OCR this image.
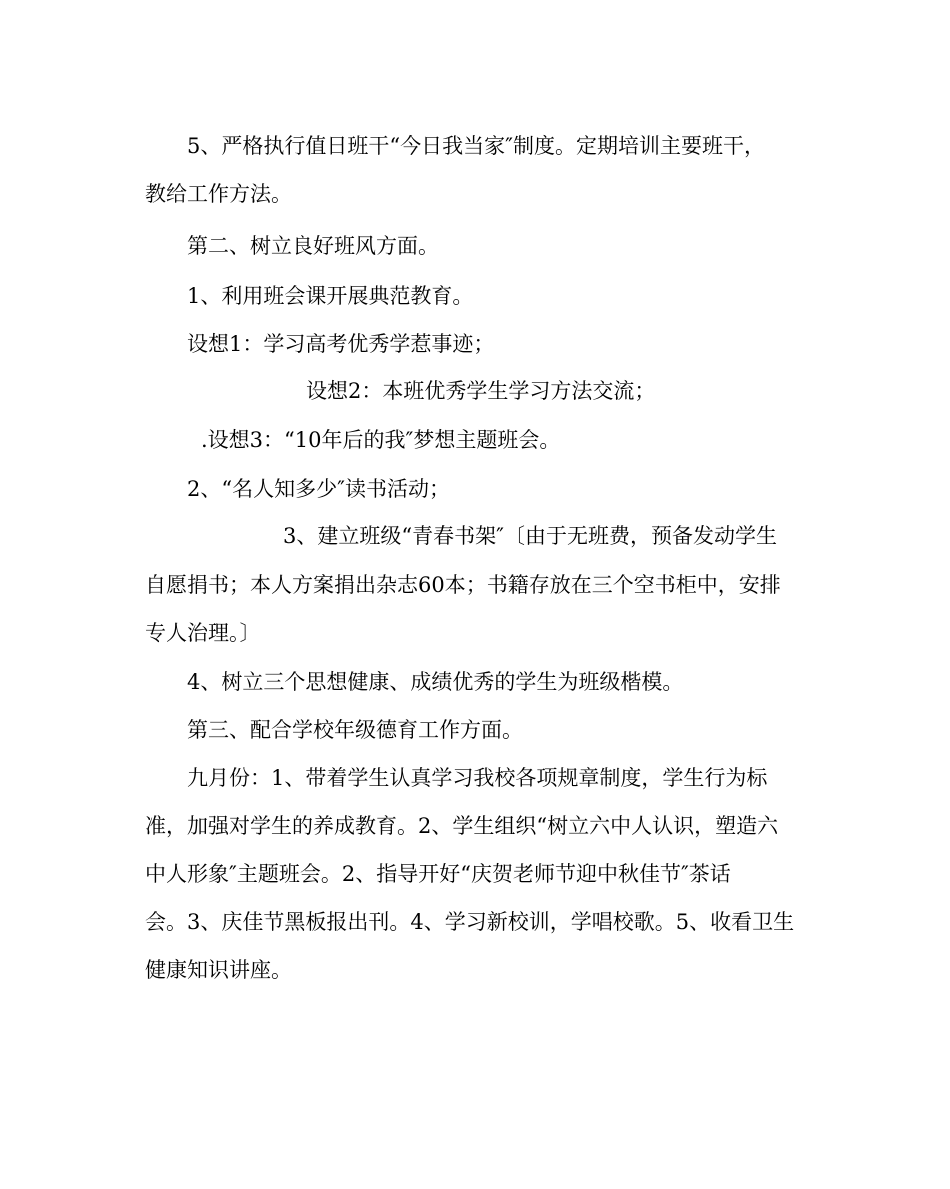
5、严格执行值日班干“今日我当家″制度。定期培训主要班干，
教给工作方法。
第二、树立良好班风方面。
1、利用班会课开展典范教育。
设想1：学习高考优秀学惹事迹；
设想2：本班优秀学生学习方法交流；
.设想3：“10年后的我″梦想主题班会。
2、“名人知多少″读书活动；
3、建立班级“青春书架″〔由于无班费，预备发动学生
自愿捐书；本人方案捐出杂志60本；书籍存放在三个空书柜中，安排
专人治理。〕
4、树立三个思想健康、成绩优秀的学生为班级楷模。
第三、配合学校年级德育工作方面。
九月份：1、带着学生认真学习我校各项规章制度，学生行为标
准，加强对学生的养成教育。2、学生组织“树立六中人认识，塑造六
中人形象″主题班会。2、指导开好“庆贺老师节迎中秋佳节″茶话
会。3、庆佳节黑板报出刊。4、学习新校训，学唱校歌。5、收看卫生
健康知识讲座。
